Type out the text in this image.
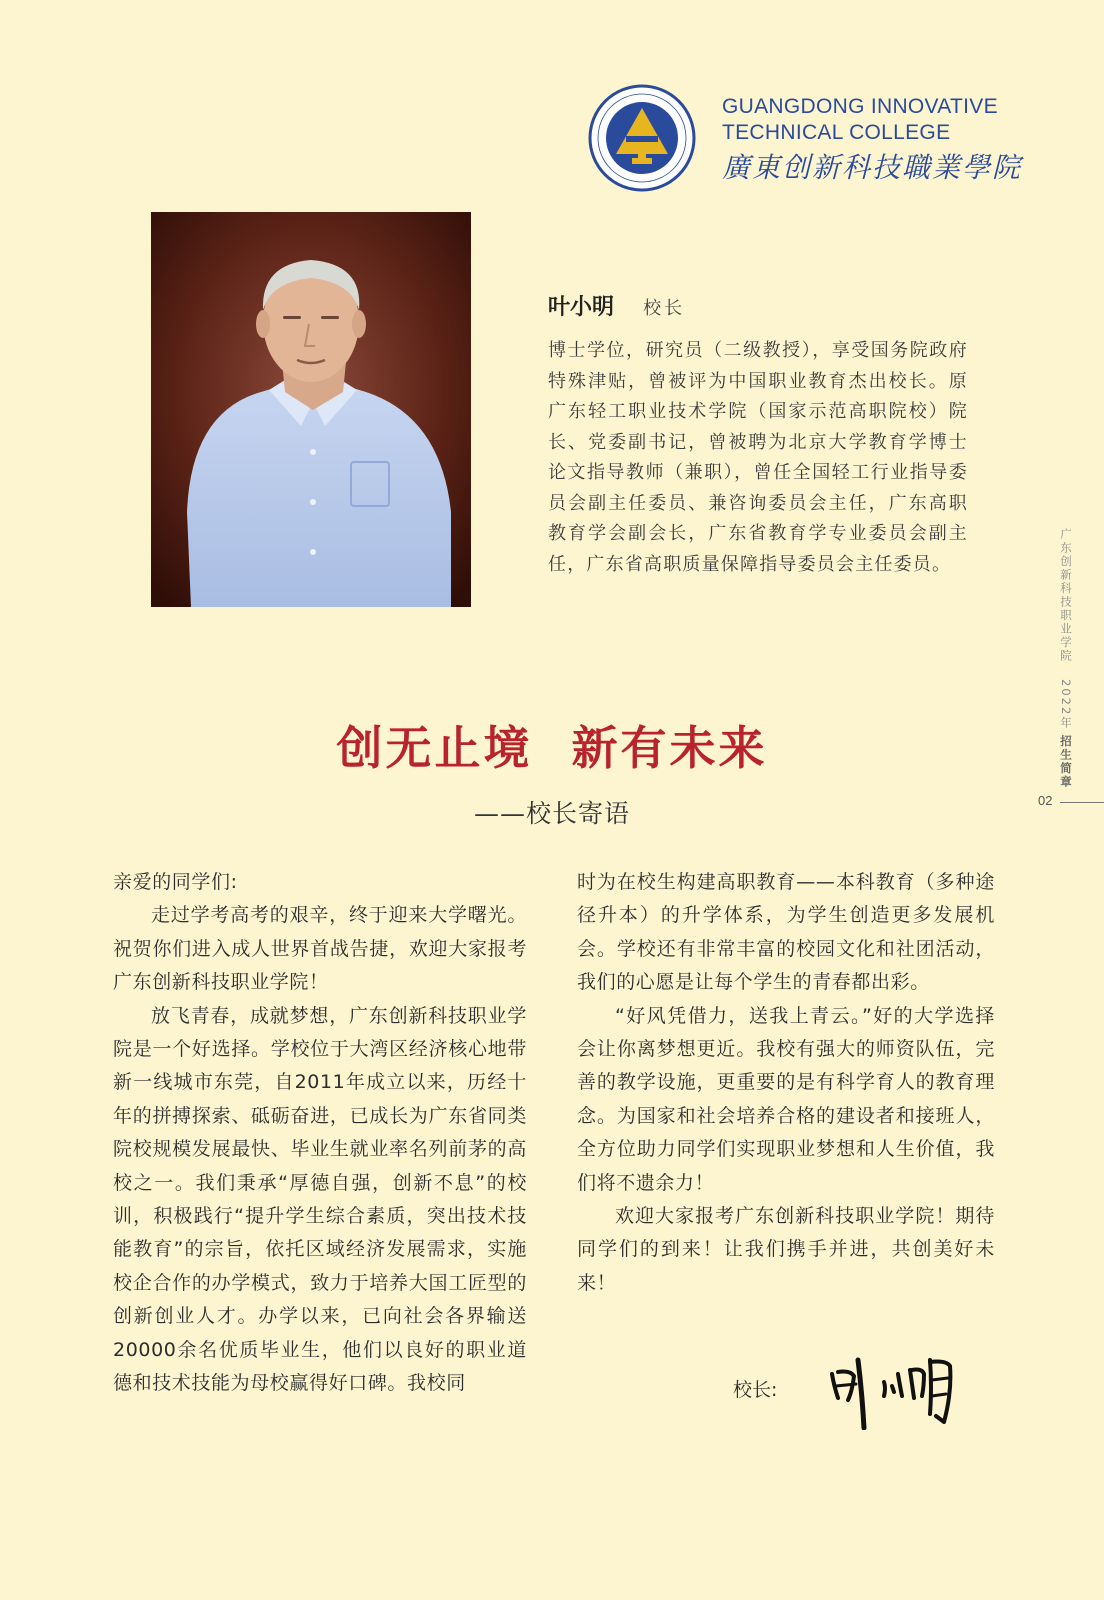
GUANGDONG INNOVATIVE
TECHNICAL COLLEGE
廣東创新科技職業學院
叶小明 校长

博士学位，研究员（二级教授），享受国务院政府特殊津贴，曾被评为中国职业教育杰出校长。原广东轻工职业技术学院（国家示范高职院校）院长、党委副书记，曾被聘为北京大学教育学博士论文指导教师（兼职），曾任全国轻工行业指导委员会副主任委员、兼咨询委员会主任，广东高职教育学会副会长，广东省教育学专业委员会副主任，广东省高职质量保障指导委员会主任委员。	广东创新科技职业学院 2022年 招生简章
02
创无止境 新有未来
——校长寄语

亲爱的同学们:

走过学考高考的艰辛，终于迎来大学曙光。祝贺你们进入成人世界首战告捷，欢迎大家报考广东创新科技职业学院！

放飞青春，成就梦想，广东创新科技职业学院是一个好选择。学校位于大湾区经济核心地带新一线城市东莞，自2011年成立以来，历经十年的拼搏探索、砥砺奋进，已成长为广东省同类院校规模发展最快、毕业生就业率名列前茅的高校之一。我们秉承“厚德自强，创新不息”的校训，积极践行“提升学生综合素质，突出技术技能教育”的宗旨，依托区域经济发展需求，实施校企合作的办学模式，致力于培养大国工匠型的创新创业人才。办学以来，已向社会各界输送20000余名优质毕业生，他们以良好的职业道德和技术技能为母校赢得好口碑。我校同

时为在校生构建高职教育——本科教育（多种途径升本）的升学体系，为学生创造更多发展机会。学校还有非常丰富的校园文化和社团活动，我们的心愿是让每个学生的青春都出彩。

“好风凭借力，送我上青云。”好的大学选择会让你离梦想更近。我校有强大的师资队伍，完善的教学设施，更重要的是有科学育人的教育理念。为国家和社会培养合格的建设者和接班人，全方位助力同学们实现职业梦想和人生价值，我们将不遗余力！

欢迎大家报考广东创新科技职业学院！期待同学们的到来！让我们携手并进，共创美好未来！

校长:
